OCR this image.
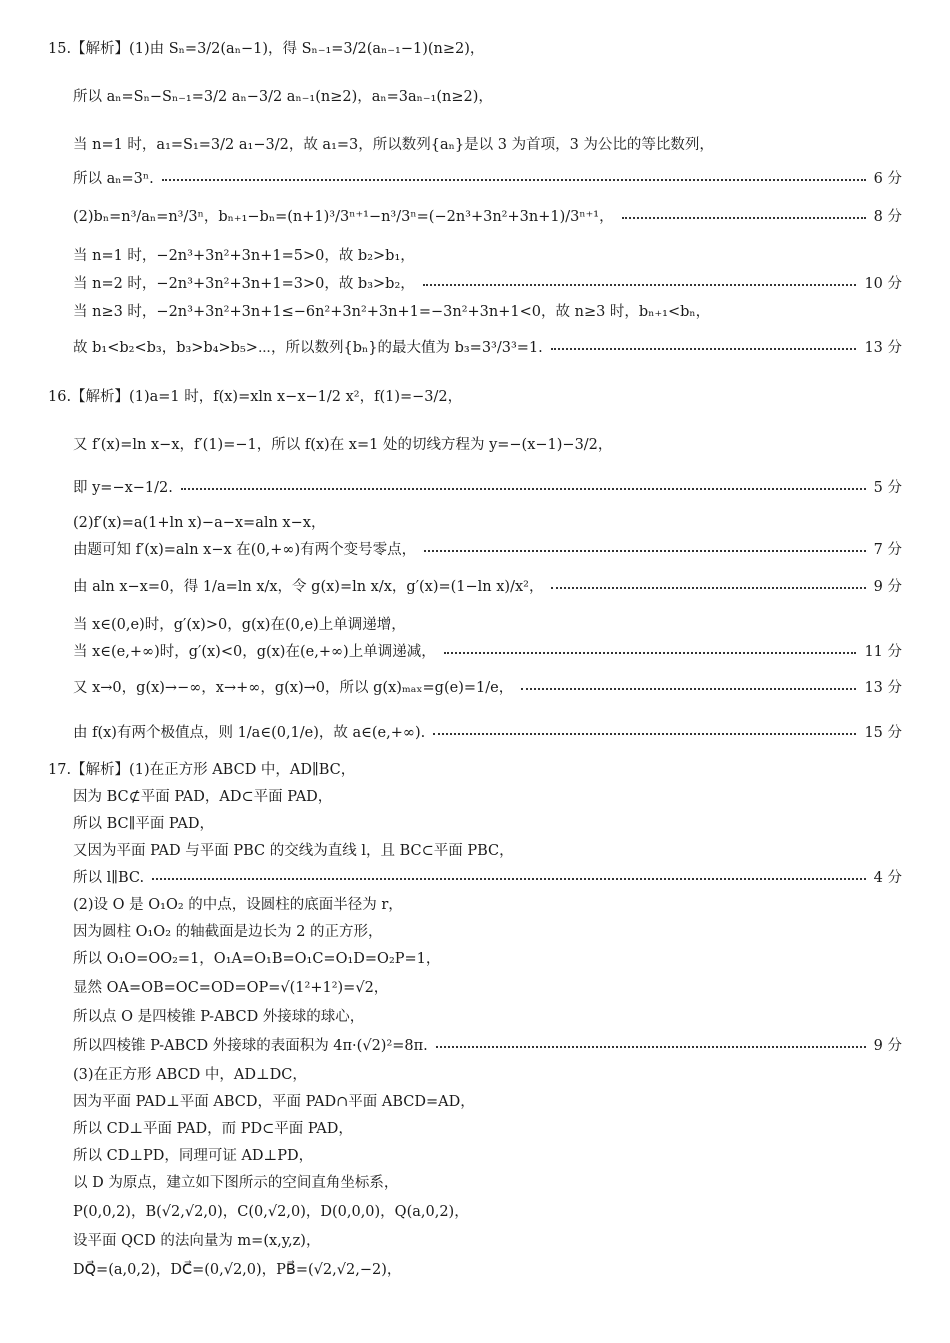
15.【解析】(1)由 Sₙ=3/2(aₙ−1)，得 Sₙ₋₁=3/2(aₙ₋₁−1)(n≥2)，
所以 aₙ=Sₙ−Sₙ₋₁=3/2 aₙ−3/2 aₙ₋₁(n≥2)，aₙ=3aₙ₋₁(n≥2)，
当 n=1 时，a₁=S₁=3/2 a₁−3/2，故 a₁=3，所以数列{aₙ}是以 3 为首项，3 为公比的等比数列，
所以 aₙ=3ⁿ.	6 分
(2)bₙ=n³/aₙ=n³/3ⁿ，bₙ₊₁−bₙ=(n+1)³/3ⁿ⁺¹−n³/3ⁿ=(−2n³+3n²+3n+1)/3ⁿ⁺¹，	8 分
当 n=1 时，−2n³+3n²+3n+1=5>0，故 b₂>b₁，
当 n=2 时，−2n³+3n²+3n+1=3>0，故 b₃>b₂，	10 分
当 n≥3 时，−2n³+3n²+3n+1≤−6n²+3n²+3n+1=−3n²+3n+1<0，故 n≥3 时，bₙ₊₁<bₙ，
故 b₁<b₂<b₃，b₃>b₄>b₅>⋯，所以数列{bₙ}的最大值为 b₃=3³/3³=1.	13 分
16.【解析】(1)a=1 时，f(x)=xln x−x−1/2 x²，f(1)=−3/2，
又 f′(x)=ln x−x，f′(1)=−1，所以 f(x)在 x=1 处的切线方程为 y=−(x−1)−3/2，
即 y=−x−1/2.	5 分
(2)f′(x)=a(1+ln x)−a−x=aln x−x，
由题可知 f′(x)=aln x−x 在(0,+∞)有两个变号零点，	7 分
由 aln x−x=0，得 1/a=ln x/x，令 g(x)=ln x/x，g′(x)=(1−ln x)/x²，	9 分
当 x∈(0,e)时，g′(x)>0，g(x)在(0,e)上单调递增，
当 x∈(e,+∞)时，g′(x)<0，g(x)在(e,+∞)上单调递减，	11 分
又 x→0，g(x)→−∞，x→+∞，g(x)→0，所以 g(x)ₘₐₓ=g(e)=1/e，	13 分
由 f(x)有两个极值点，则 1/a∈(0,1/e)，故 a∈(e,+∞).	15 分
17.【解析】(1)在正方形 ABCD 中，AD∥BC，
因为 BC⊄平面 PAD，AD⊂平面 PAD，
所以 BC∥平面 PAD，
又因为平面 PAD 与平面 PBC 的交线为直线 l，且 BC⊂平面 PBC，
所以 l∥BC.	4 分
(2)设 O 是 O₁O₂ 的中点，设圆柱的底面半径为 r，
因为圆柱 O₁O₂ 的轴截面是边长为 2 的正方形，
所以 O₁O=OO₂=1，O₁A=O₁B=O₁C=O₁D=O₂P=1，
显然 OA=OB=OC=OD=OP=√(1²+1²)=√2，
所以点 O 是四棱锥 P-ABCD 外接球的球心，
所以四棱锥 P-ABCD 外接球的表面积为 4π·(√2)²=8π.	9 分
(3)在正方形 ABCD 中，AD⊥DC，
因为平面 PAD⊥平面 ABCD，平面 PAD∩平面 ABCD=AD，
所以 CD⊥平面 PAD，而 PD⊂平面 PAD，
所以 CD⊥PD，同理可证 AD⊥PD，
以 D 为原点，建立如下图所示的空间直角坐标系，
P(0,0,2)，B(√2,√2,0)，C(0,√2,0)，D(0,0,0)，Q(a,0,2)，
设平面 QCD 的法向量为 m=(x,y,z)，
DQ⃗=(a,0,2)，DC⃗=(0,√2,0)，PB⃗=(√2,√2,−2)，
